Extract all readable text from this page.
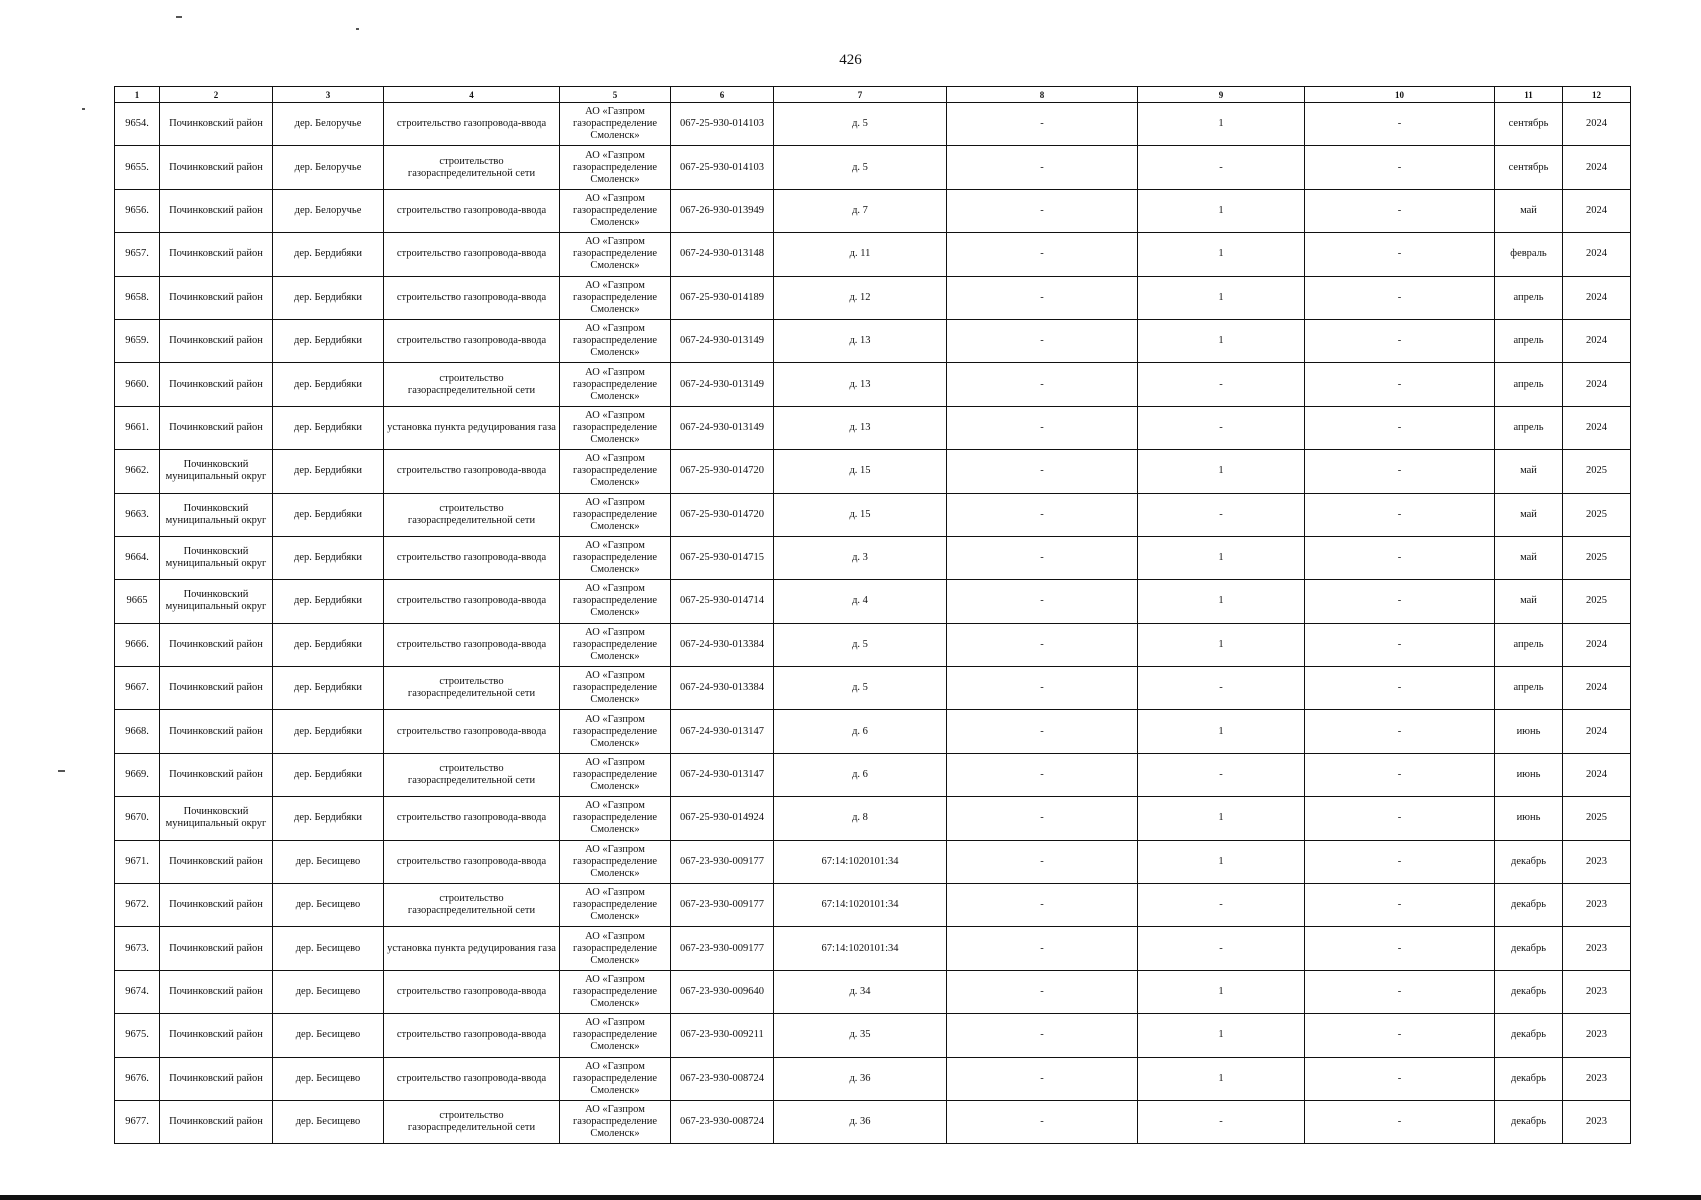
426
1	2	3	4	5	6	7	8	9	10	11	12
9654.	Починковский район	дер. Белоручье	строительство газопровода-ввода	АО «Газпром газораспределение Смоленск»	067-25-930-014103	д. 5	-	1	-	сентябрь	2024
9655.	Починковский район	дер. Белоручье	строительство газораспределительной сети	АО «Газпром газораспределение Смоленск»	067-25-930-014103	д. 5	-	-	-	сентябрь	2024
9656.	Починковский район	дер. Белоручье	строительство газопровода-ввода	АО «Газпром газораспределение Смоленск»	067-26-930-013949	д. 7	-	1	-	май	2024
9657.	Починковский район	дер. Бердибяки	строительство газопровода-ввода	АО «Газпром газораспределение Смоленск»	067-24-930-013148	д. 11	-	1	-	февраль	2024
9658.	Починковский район	дер. Бердибяки	строительство газопровода-ввода	АО «Газпром газораспределение Смоленск»	067-25-930-014189	д. 12	-	1	-	апрель	2024
9659.	Починковский район	дер. Бердибяки	строительство газопровода-ввода	АО «Газпром газораспределение Смоленск»	067-24-930-013149	д. 13	-	1	-	апрель	2024
9660.	Починковский район	дер. Бердибяки	строительство газораспределительной сети	АО «Газпром газораспределение Смоленск»	067-24-930-013149	д. 13	-	-	-	апрель	2024
9661.	Починковский район	дер. Бердибяки	установка пункта редуцирования газа	АО «Газпром газораспределение Смоленск»	067-24-930-013149	д. 13	-	-	-	апрель	2024
9662.	Починковский муниципальный округ	дер. Бердибяки	строительство газопровода-ввода	АО «Газпром газораспределение Смоленск»	067-25-930-014720	д. 15	-	1	-	май	2025
9663.	Починковский муниципальный округ	дер. Бердибяки	строительство газораспределительной сети	АО «Газпром газораспределение Смоленск»	067-25-930-014720	д. 15	-	-	-	май	2025
9664.	Починковский муниципальный округ	дер. Бердибяки	строительство газопровода-ввода	АО «Газпром газораспределение Смоленск»	067-25-930-014715	д. 3	-	1	-	май	2025
9665	Починковский муниципальный округ	дер. Бердибяки	строительство газопровода-ввода	АО «Газпром газораспределение Смоленск»	067-25-930-014714	д. 4	-	1	-	май	2025
9666.	Починковский район	дер. Бердибяки	строительство газопровода-ввода	АО «Газпром газораспределение Смоленск»	067-24-930-013384	д. 5	-	1	-	апрель	2024
9667.	Починковский район	дер. Бердибяки	строительство газораспределительной сети	АО «Газпром газораспределение Смоленск»	067-24-930-013384	д. 5	-	-	-	апрель	2024
9668.	Починковский район	дер. Бердибяки	строительство газопровода-ввода	АО «Газпром газораспределение Смоленск»	067-24-930-013147	д. 6	-	1	-	июнь	2024
9669.	Починковский район	дер. Бердибяки	строительство газораспределительной сети	АО «Газпром газораспределение Смоленск»	067-24-930-013147	д. 6	-	-	-	июнь	2024
9670.	Починковский муниципальный округ	дер. Бердибяки	строительство газопровода-ввода	АО «Газпром газораспределение Смоленск»	067-25-930-014924	д. 8	-	1	-	июнь	2025
9671.	Починковский район	дер. Бесищево	строительство газопровода-ввода	АО «Газпром газораспределение Смоленск»	067-23-930-009177	67:14:1020101:34	-	1	-	декабрь	2023
9672.	Починковский район	дер. Бесищево	строительство газораспределительной сети	АО «Газпром газораспределение Смоленск»	067-23-930-009177	67:14:1020101:34	-	-	-	декабрь	2023
9673.	Починковский район	дер. Бесищево	установка пункта редуцирования газа	АО «Газпром газораспределение Смоленск»	067-23-930-009177	67:14:1020101:34	-	-	-	декабрь	2023
9674.	Починковский район	дер. Бесищево	строительство газопровода-ввода	АО «Газпром газораспределение Смоленск»	067-23-930-009640	д. 34	-	1	-	декабрь	2023
9675.	Починковский район	дер. Бесищево	строительство газопровода-ввода	АО «Газпром газораспределение Смоленск»	067-23-930-009211	д. 35	-	1	-	декабрь	2023
9676.	Починковский район	дер. Бесищево	строительство газопровода-ввода	АО «Газпром газораспределение Смоленск»	067-23-930-008724	д. 36	-	1	-	декабрь	2023
9677.	Починковский район	дер. Бесищево	строительство газораспределительной сети	АО «Газпром газораспределение Смоленск»	067-23-930-008724	д. 36	-	-	-	декабрь	2023
